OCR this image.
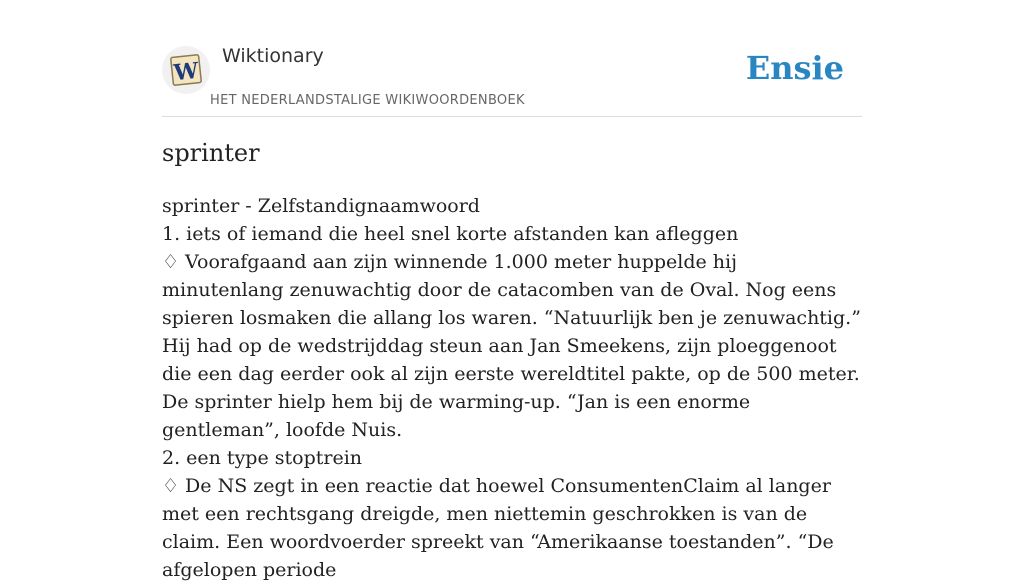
W
Wiktionary
HET NEDERLANDSTALIGE WIKIWOORDENBOEK
Ensie
sprinter

sprinter - Zelfstandignaamwoord

1. iets of iemand die heel snel korte afstanden kan afleggen

♢ Voorafgaand aan zijn winnende 1.000 meter huppelde hij minutenlang zenuwachtig door de catacomben van de Oval. Nog eens spieren losmaken die allang los waren. “Natuurlijk ben je zenuwachtig.” Hij had op de wedstrijddag steun aan Jan Smeekens, zijn ploeggenoot die een dag eerder ook al zijn eerste wereldtitel pakte, op de 500 meter. De sprinter hielp hem bij de warming-up. “Jan is een enorme gentleman”, loofde Nuis.

2. een type stoptrein

♢ De NS zegt in een reactie dat hoewel ConsumentenClaim al langer met een rechtsgang dreigde, men niettemin geschrokken is van de claim. Een woordvoerder spreekt van “Amerikaanse toestanden”. “De afgelopen periode
